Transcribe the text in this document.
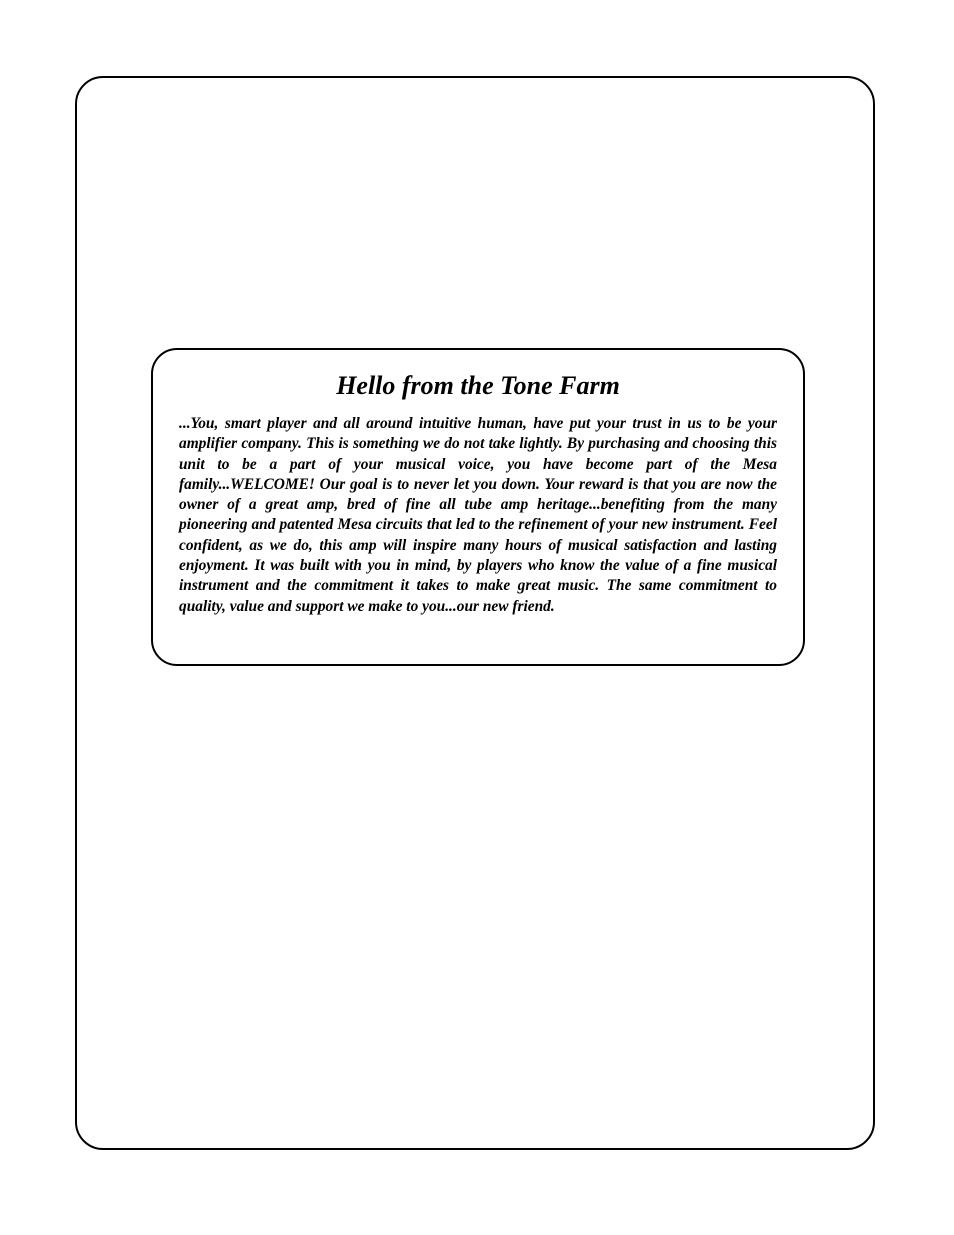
Hello from the Tone Farm

...You, smart player and all around intuitive human, have put your trust in us to be your amplifier company. This is something we do not take lightly. By purchasing and choosing this unit to be a part of your musical voice, you have become part of the Mesa family...WELCOME! Our goal is to never let you down. Your reward is that you are now the owner of a great amp, bred of fine all tube amp heritage...benefiting from the many pioneering and patented Mesa circuits that led to the refinement of your new instrument. Feel confident, as we do, this amp will inspire many hours of musical satisfaction and lasting enjoyment. It was built with you in mind, by players who know the value of a fine musical instrument and the commitment it takes to make great music. The same commitment to quality, value and support we make to you...our new friend.
